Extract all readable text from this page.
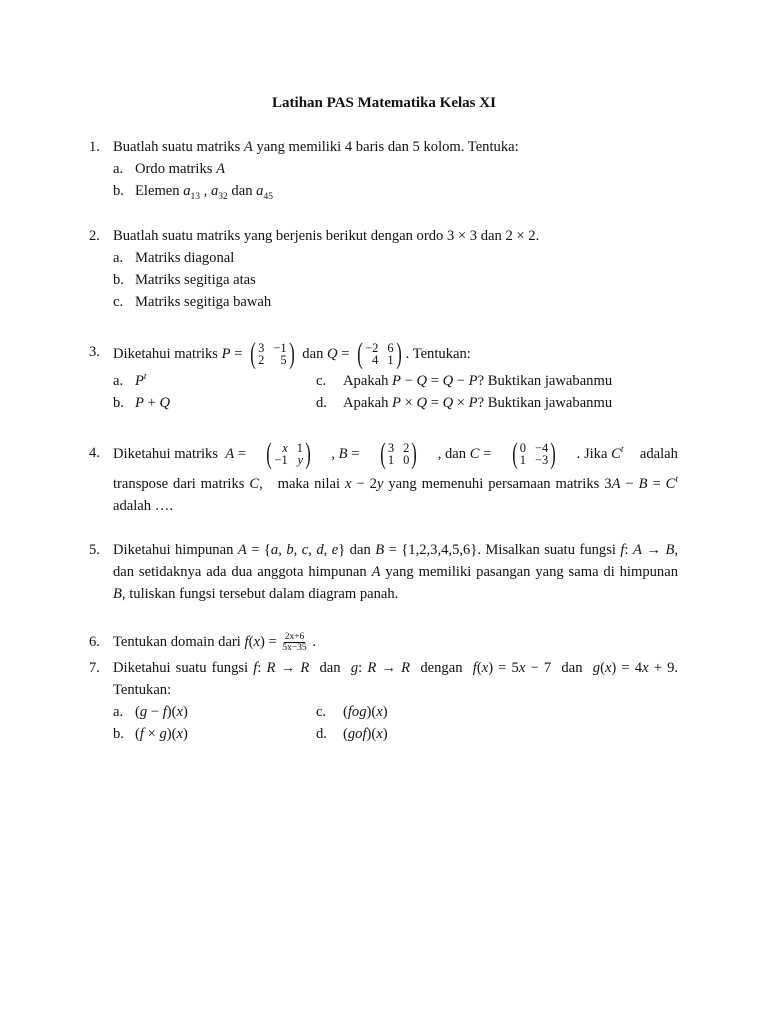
Latihan PAS Matematika Kelas XI
1. Buatlah suatu matriks A yang memiliki 4 baris dan 5 kolom. Tentuka:
a. Ordo matriks A
b. Elemen $a_{13}$ , $a_{32}$ dan $a_{45}$
2. Buatlah suatu matriks yang berjenis berikut dengan ordo 3 × 3 dan 2 × 2.
a. Matriks diagonal
b. Matriks segitiga atas
c. Matriks segitiga bawah
3. Diketahui matriks P = ( 3 −1
2	5 ) dan Q = ( −2 6
4 1 ) . Tentukan:
a. $P^t$	c. Apakah P − Q = Q − P? Buktikan jawabanmu
b. P + Q	d. Apakah P × Q = Q × P? Buktikan jawabanmu
4. Diketahui matriks  A = ( x 1
−1 y ) , B = ( 3 2
1 0 ) , dan C = ( 0 −4
1 −3 ) . Jika $C^t$ adalah
transpose dari matriks C,   maka nilai x − 2y yang memenuhi persamaan matriks $3A - B = C^t$ adalah ….
5. Diketahui himpunan A = {a, b, c, d, e} dan B = {1,2,3,4,5,6}. Misalkan suatu fungsi f: A → B, dan setidaknya ada dua anggota himpunan A yang memiliki pasangan yang sama di himpunan B, tuliskan fungsi tersebut dalam diagram panah.
6. Tentukan domain dari $f(x) = \frac{2x+6}{5x-35}$ .
7. Diketahui suatu fungsi f: R → R  dan  g: R → R  dengan  f(x) = 5x − 7  dan  g(x) = 4x + 9. Tentukan:
a. (g − f)(x)	c. (fog)(x)
b. (f × g)(x)	d. (gof)(x)
